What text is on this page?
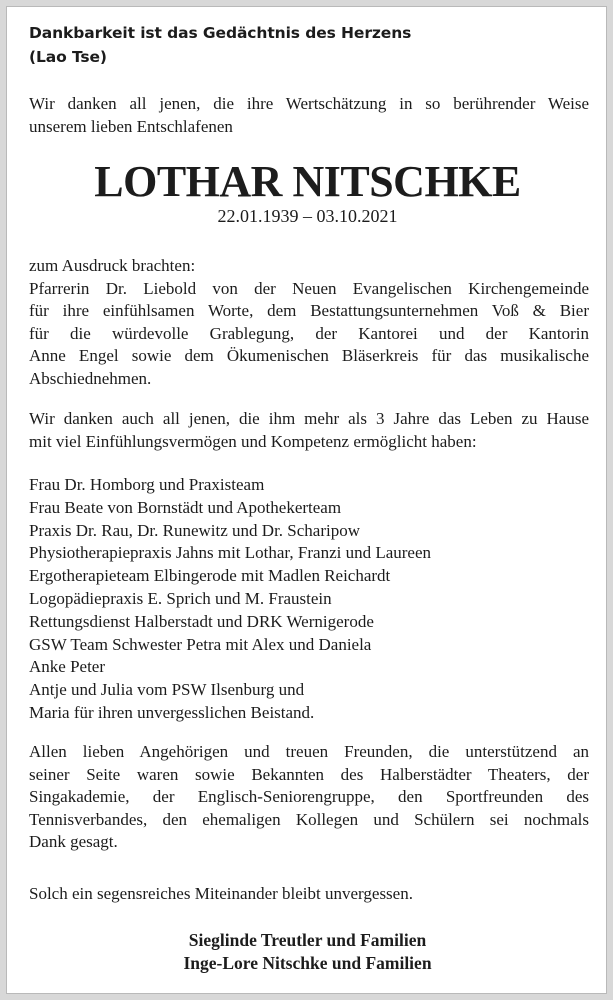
Dankbarkeit ist das Gedächtnis des Herzens
(Lao Tse)
Wir danken all jenen, die ihre Wertschätzung in so berührender Weise
unserem lieben Entschlafenen
LOTHAR NITSCHKE
22.01.1939 – 03.10.2021
zum Ausdruck brachten:
Pfarrerin Dr. Liebold von der Neuen Evangelischen Kirchengemeinde
für ihre einfühlsamen Worte, dem Bestattungsunternehmen Voß & Bier
für die würdevolle Grablegung, der Kantorei und der Kantorin
Anne Engel sowie dem Ökumenischen Bläserkreis für das musikalische
Abschiednehmen.
Wir danken auch all jenen, die ihm mehr als 3 Jahre das Leben zu Hause
mit viel Einfühlungsvermögen und Kompetenz ermöglicht haben:
Frau Dr. Homborg und Praxisteam
Frau Beate von Bornstädt und Apothekerteam
Praxis Dr. Rau, Dr. Runewitz und Dr. Scharipow
Physiotherapiepraxis Jahns mit Lothar, Franzi und Laureen
Ergotherapieteam Elbingerode mit Madlen Reichardt
Logopädiepraxis E. Sprich und M. Fraustein
Rettungsdienst Halberstadt und DRK Wernigerode
GSW Team Schwester Petra mit Alex und Daniela
Anke Peter
Antje und Julia vom PSW Ilsenburg und
Maria für ihren unvergesslichen Beistand.
Allen lieben Angehörigen und treuen Freunden, die unterstützend an
seiner Seite waren sowie Bekannten des Halberstädter Theaters, der
Singakademie, der Englisch-Seniorengruppe, den Sportfreunden des
Tennisverbandes, den ehemaligen Kollegen und Schülern sei nochmals
Dank gesagt.
Solch ein segensreiches Miteinander bleibt unvergessen.
Sieglinde Treutler und Familien
Inge-Lore Nitschke und Familien
